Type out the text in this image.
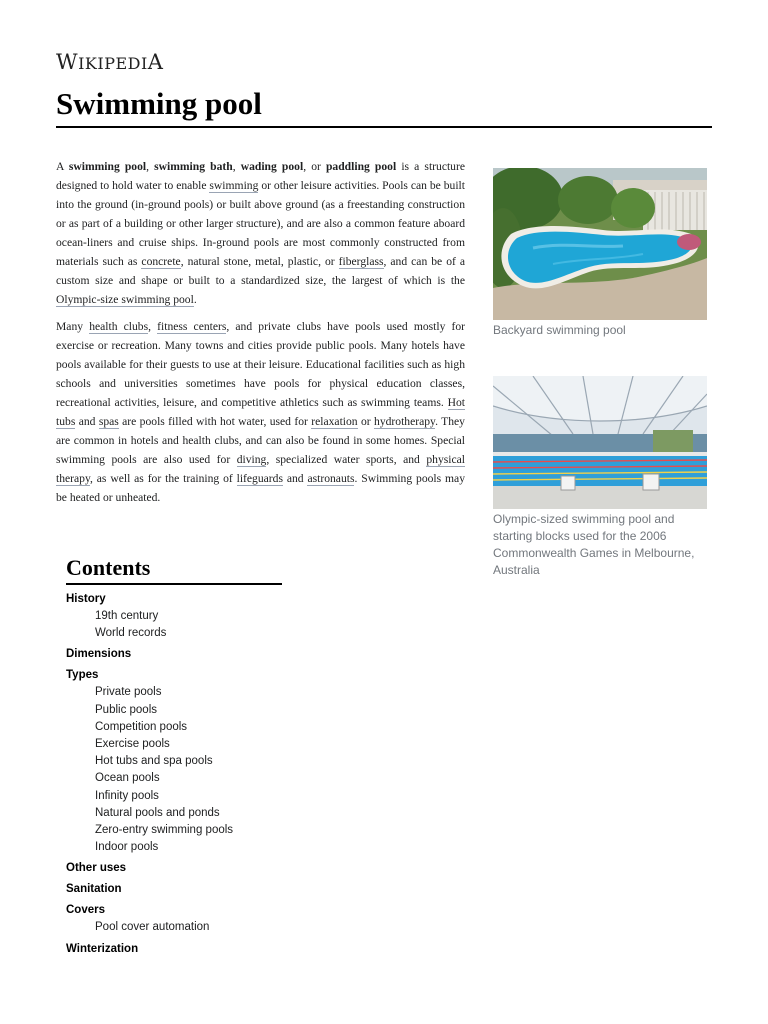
WIKIPEDIA
Swimming pool

A swimming pool, swimming bath, wading pool, or paddling pool is a structure designed to hold water to enable swimming or other leisure activities. Pools can be built into the ground (in-ground pools) or built above ground (as a freestanding construction or as part of a building or other larger structure), and are also a common feature aboard ocean-liners and cruise ships. In-ground pools are most commonly constructed from materials such as concrete, natural stone, metal, plastic, or fiberglass, and can be of a custom size and shape or built to a standardized size, the largest of which is the Olympic-size swimming pool.

Many health clubs, fitness centers, and private clubs have pools used mostly for exercise or recreation. Many towns and cities provide public pools. Many hotels have pools available for their guests to use at their leisure. Educational facilities such as high schools and universities sometimes have pools for physical education classes, recreational activities, leisure, and competitive athletics such as swimming teams. Hot tubs and spas are pools filled with hot water, used for relaxation or hydrotherapy. They are common in hotels and health clubs, and can also be found in some homes. Special swimming pools are also used for diving, specialized water sports, and physical therapy, as well as for the training of lifeguards and astronauts. Swimming pools may be heated or unheated.

Backyard swimming pool
Olympic-sized swimming pool and starting blocks used for the 2006 Commonwealth Games in Melbourne, Australia
Contents
History
19th century
World records
Dimensions
Types
Private pools
Public pools
Competition pools
Exercise pools
Hot tubs and spa pools
Ocean pools
Infinity pools
Natural pools and ponds
Zero-entry swimming pools
Indoor pools
Other uses
Sanitation
Covers
Pool cover automation
Winterization
